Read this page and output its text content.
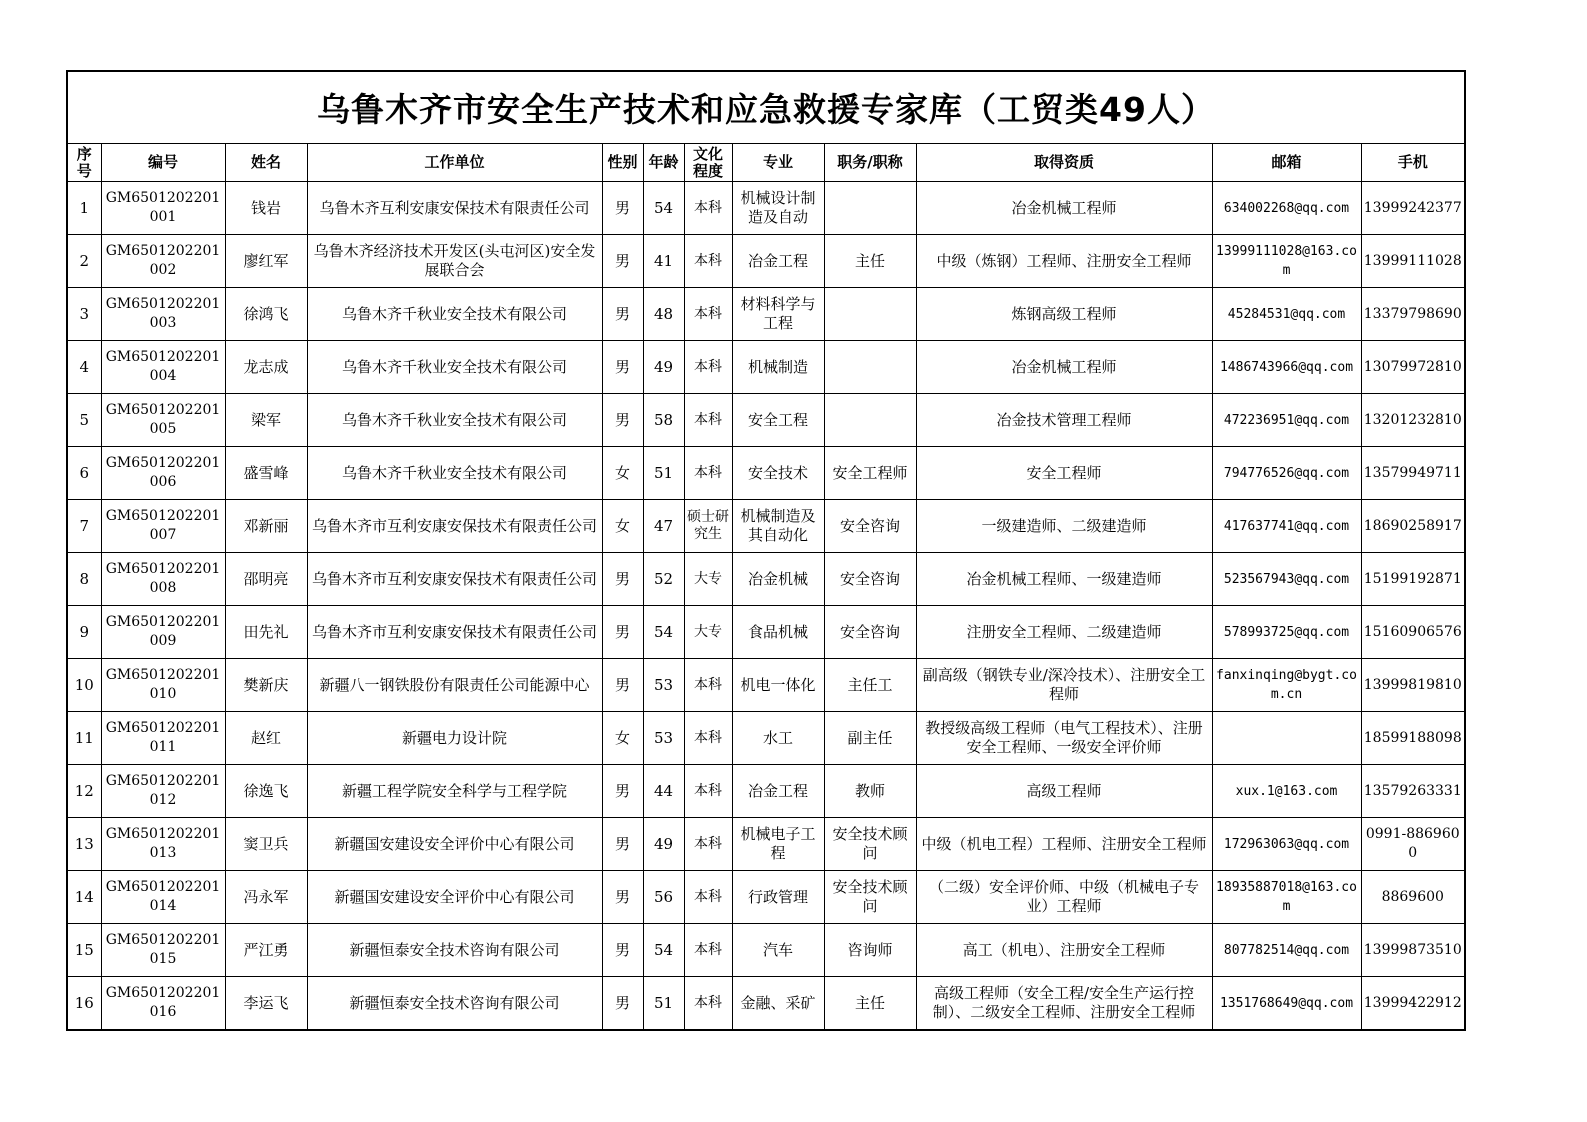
乌鲁木齐市安全生产技术和应急救援专家库（工贸类49人）
序号	编号	姓名	工作单位	性别	年龄	文化程度	专业	职务/职称	取得资质	邮箱	手机
1	GM6501202201001	钱岩	乌鲁木齐互利安康安保技术有限责任公司	男	54	本科	机械设计制造及自动		冶金机械工程师	634002268@qq.com	13999242377
2	GM6501202201002	廖红军	乌鲁木齐经济技术开发区(头屯河区)安全发展联合会	男	41	本科	冶金工程	主任	中级（炼钢）工程师、注册安全工程师	13999111028@163.com	13999111028
3	GM6501202201003	徐鸿飞	乌鲁木齐千秋业安全技术有限公司	男	48	本科	材料科学与工程		炼钢高级工程师	45284531@qq.com	13379798690
4	GM6501202201004	龙志成	乌鲁木齐千秋业安全技术有限公司	男	49	本科	机械制造		冶金机械工程师	1486743966@qq.com	13079972810
5	GM6501202201005	梁军	乌鲁木齐千秋业安全技术有限公司	男	58	本科	安全工程		冶金技术管理工程师	472236951@qq.com	13201232810
6	GM6501202201006	盛雪峰	乌鲁木齐千秋业安全技术有限公司	女	51	本科	安全技术	安全工程师	安全工程师	794776526@qq.com	13579949711
7	GM6501202201007	邓新丽	乌鲁木齐市互利安康安保技术有限责任公司	女	47	硕士研究生	机械制造及其自动化	安全咨询	一级建造师、二级建造师	417637741@qq.com	18690258917
8	GM6501202201008	邵明亮	乌鲁木齐市互利安康安保技术有限责任公司	男	52	大专	冶金机械	安全咨询	冶金机械工程师、一级建造师	523567943@qq.com	15199192871
9	GM6501202201009	田先礼	乌鲁木齐市互利安康安保技术有限责任公司	男	54	大专	食品机械	安全咨询	注册安全工程师、二级建造师	578993725@qq.com	15160906576
10	GM6501202201010	樊新庆	新疆八一钢铁股份有限责任公司能源中心	男	53	本科	机电一体化	主任工	副高级（钢铁专业/深冷技术）、注册安全工程师	fanxinqing@bygt.com.cn	13999819810
11	GM6501202201011	赵红	新疆电力设计院	女	53	本科	水工	副主任	教授级高级工程师（电气工程技术）、注册安全工程师、一级安全评价师		18599188098
12	GM6501202201012	徐逸飞	新疆工程学院安全科学与工程学院	男	44	本科	冶金工程	教师	高级工程师	xux.1@163.com	13579263331
13	GM6501202201013	窦卫兵	新疆国安建设安全评价中心有限公司	男	49	本科	机械电子工程	安全技术顾问	中级（机电工程）工程师、注册安全工程师	172963063@qq.com	0991-8869600
14	GM6501202201014	冯永军	新疆国安建设安全评价中心有限公司	男	56	本科	行政管理	安全技术顾问	（二级）安全评价师、中级（机械电子专业）工程师	18935887018@163.com	8869600
15	GM6501202201015	严江勇	新疆恒泰安全技术咨询有限公司	男	54	本科	汽车	咨询师	高工（机电）、注册安全工程师	807782514@qq.com	13999873510
16	GM6501202201016	李运飞	新疆恒泰安全技术咨询有限公司	男	51	本科	金融、采矿	主任	高级工程师（安全工程/安全生产运行控制）、二级安全工程师、注册安全工程师	1351768649@qq.com	13999422912
